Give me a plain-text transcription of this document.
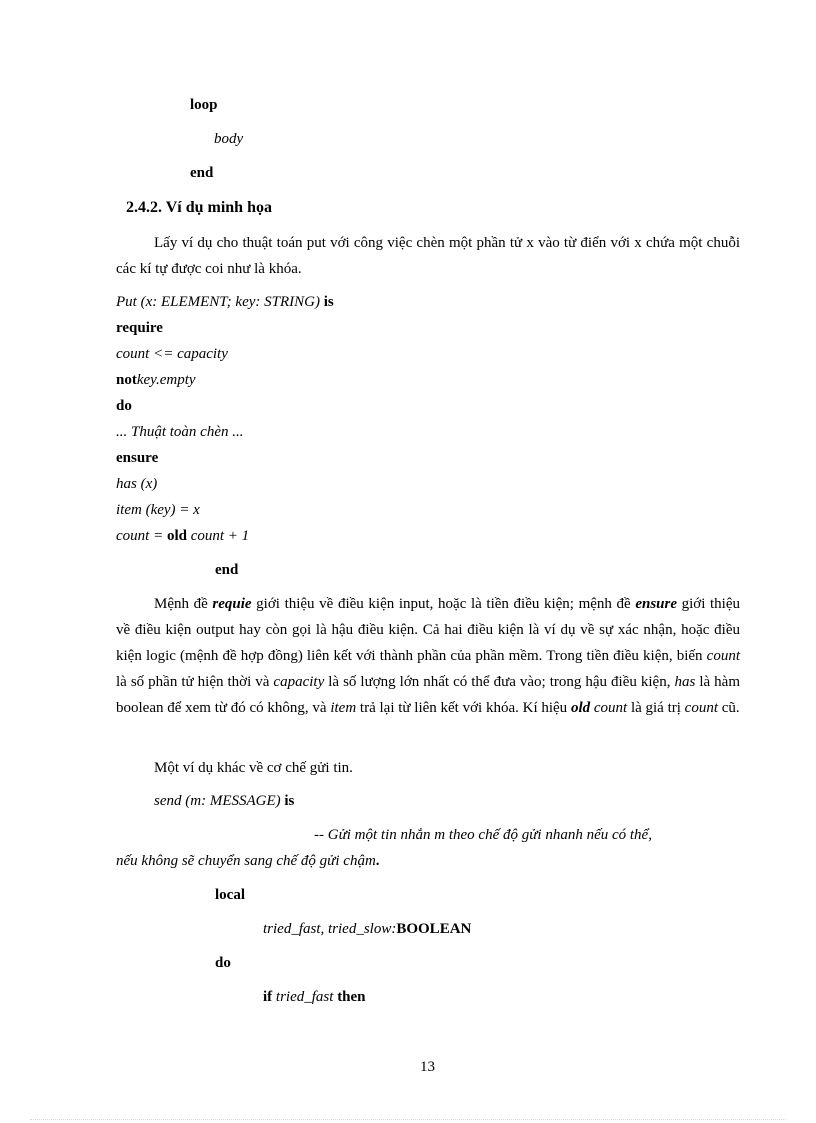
loop
body
end
2.4.2. Ví dụ minh họa
Lấy ví dụ cho thuật toán put với công việc chèn một phần tử x vào từ điển với x chứa một chuỗi các kí tự được coi như là khóa.
Put (x: ELEMENT; key: STRING) is
require
count <= capacity
notkey.empty
do
... Thuật toàn chèn ...
ensure
has (x)
item (key) = x
count = old count + 1
end
Mệnh đề requie giới thiệu về điều kiện input, hoặc là tiền điều kiện; mệnh đề ensure giới thiệu về điều kiện output hay còn gọi là hậu điều kiện. Cả hai điều kiện là ví dụ về sự xác nhận, hoặc điều kiện logic (mệnh đề hợp đồng) liên kết với thành phần của phần mềm. Trong tiền điều kiện, biến count là số phần tử hiện thời và capacity là số lượng lớn nhất có thể đưa vào; trong hậu điều kiện, has là hàm boolean để xem từ đó có không, và item trả lại từ liên kết với khóa. Kí hiệu old count là giá trị count cũ.
Một ví dụ khác về cơ chế gửi tin.
send (m: MESSAGE) is
-- Gửi một tin nhắn m theo chế độ gửi nhanh nếu có thể,
nếu không sẽ chuyển sang chế độ gửi chậm.
local
tried_fast, tried_slow:BOOLEAN
do
if tried_fast then
13
